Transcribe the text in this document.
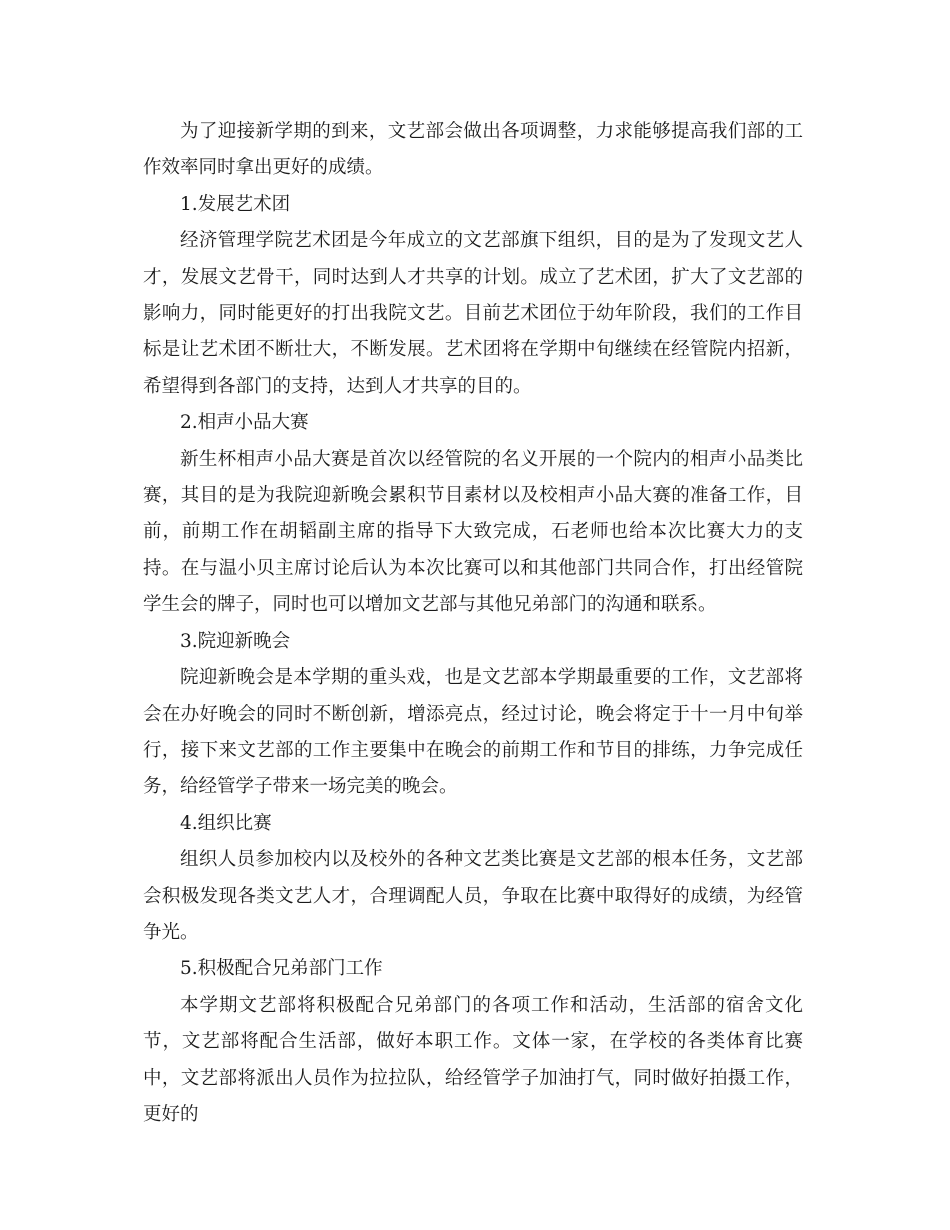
为了迎接新学期的到来，文艺部会做出各项调整，力求能够提高我们部的工作效率同时拿出更好的成绩。

1.发展艺术团

经济管理学院艺术团是今年成立的文艺部旗下组织，目的是为了发现文艺人才，发展文艺骨干，同时达到人才共享的计划。成立了艺术团，扩大了文艺部的影响力，同时能更好的打出我院文艺。目前艺术团位于幼年阶段，我们的工作目标是让艺术团不断壮大，不断发展。艺术团将在学期中旬继续在经管院内招新，希望得到各部门的支持，达到人才共享的目的。

2.相声小品大赛

新生杯相声小品大赛是首次以经管院的名义开展的一个院内的相声小品类比赛，其目的是为我院迎新晚会累积节目素材以及校相声小品大赛的准备工作，目前，前期工作在胡韬副主席的指导下大致完成，石老师也给本次比赛大力的支持。在与温小贝主席讨论后认为本次比赛可以和其他部门共同合作，打出经管院学生会的牌子，同时也可以增加文艺部与其他兄弟部门的沟通和联系。

3.院迎新晚会

院迎新晚会是本学期的重头戏，也是文艺部本学期最重要的工作，文艺部将会在办好晚会的同时不断创新，增添亮点，经过讨论，晚会将定于十一月中旬举行，接下来文艺部的工作主要集中在晚会的前期工作和节目的排练，力争完成任务，给经管学子带来一场完美的晚会。

4.组织比赛

组织人员参加校内以及校外的各种文艺类比赛是文艺部的根本任务，文艺部会积极发现各类文艺人才，合理调配人员，争取在比赛中取得好的成绩，为经管争光。

5.积极配合兄弟部门工作

本学期文艺部将积极配合兄弟部门的各项工作和活动，生活部的宿舍文化节，文艺部将配合生活部，做好本职工作。文体一家，在学校的各类体育比赛中，文艺部将派出人员作为拉拉队，给经管学子加油打气，同时做好拍摄工作，更好的
